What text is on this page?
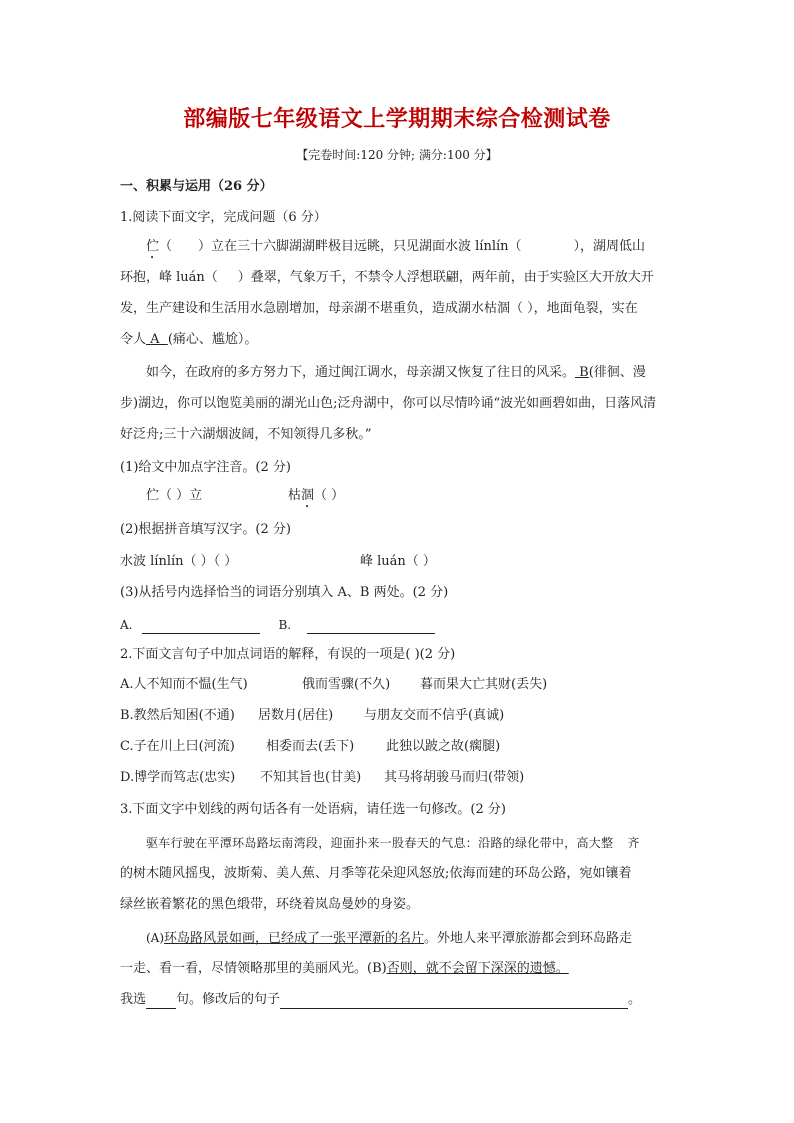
部编版七年级语文上学期期末综合检测试卷
【完卷时间:120 分钟; 满分:100 分】
一、积累与运用（26 分）
1.阅读下面文字，完成问题（6 分）
伫（ ）立在三十六脚湖湖畔极目远眺，只见湖面水波 línlín（	），湖周低山
环抱，峰 luán（ ）叠翠，气象万千，不禁令人浮想联翩，两年前，由于实验区大开放大开
发，生产建设和生活用水急剧增加，母亲湖不堪重负，造成湖水枯涸（ ），地面龟裂，实在
令人 A (痛心、尴尬）。
如今，在政府的多方努力下，通过闽江调水，母亲湖又恢复了往日的风采。 B(徘徊、漫
步)湖边，你可以饱览美丽的湖光山色;泛舟湖中，你可以尽情吟诵“波光如画碧如曲，日落风清
好泛舟;三十六湖烟波阔，不知领得几多秋。”
(1)给文中加点字注音。(2 分)
伫（ ）立	枯涸（ ）
(2)根据拼音填写汉字。(2 分)
水波 línlín（ ）（ ）	峰 luán（ ）
(3)从括号内选择恰当的词语分别填入 A、B 两处。(2 分)
A.	B.
2.下面文言句子中加点词语的解释，有误的一项是( )(2 分)
A.人不知而不愠(生气)	俄而雪骤(不久) 暮而果大亡其财(丢失)
B.教然后知困(不通) 居数月(居住) 与朋友交而不信乎(真诚)
C.子在川上曰(河流) 相委而去(丢下) 此独以跛之故(瘸腿)
D.博学而笃志(忠实) 不知其旨也(甘美) 其马将胡骏马而归(带领)
3.下面文字中划线的两句话各有一处语病，请任选一句修改。(2 分)
驱车行驶在平潭环岛路坛南湾段，迎面扑来一股春天的气息：沿路的绿化带中，高大整 齐
的树木随风摇曳，波斯菊、美人蕉、月季等花朵迎风怒放;依海而建的环岛公路，宛如镶着
绿丝嵌着繁花的黑色缎带，环绕着岚岛曼妙的身姿。
(A)环岛路风景如画，已经成了一张平潭新的名片。外地人来平潭旅游都会到环岛路走
一走、看一看，尽情领略那里的美丽风光。(B)否则，就不会留下深深的遗憾。
我选 句。修改后的句子	。
